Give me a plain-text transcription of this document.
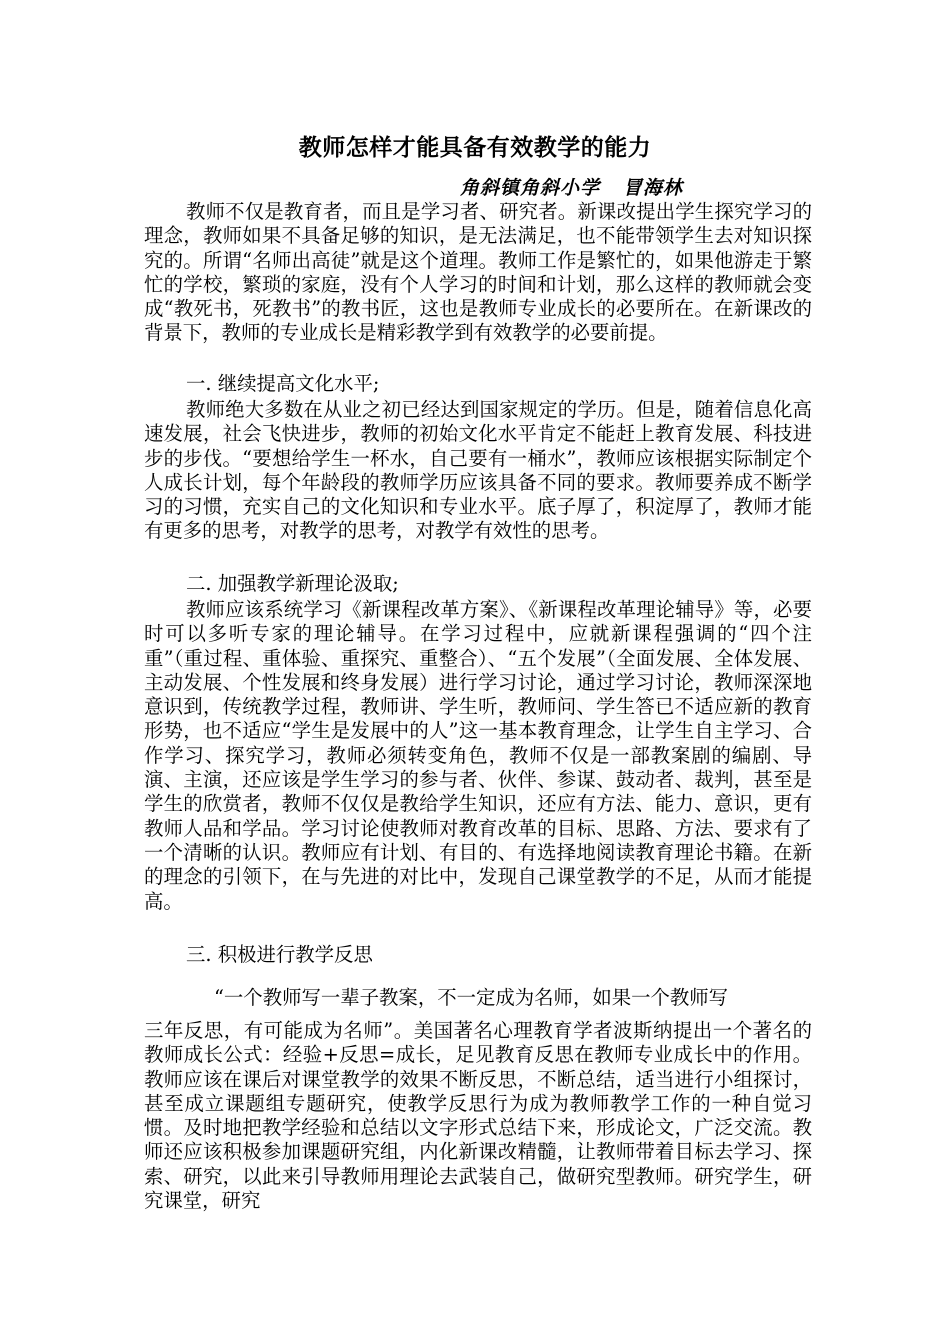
教师怎样才能具备有效教学的能力
角斜镇角斜小学   冒海林

教师不仅是教育者，而且是学习者、研究者。新课改提出学生探究学习的理念，教师如果不具备足够的知识，是无法满足，也不能带领学生去对知识探究的。所谓“名师出高徒”就是这个道理。教师工作是繁忙的，如果他游走于繁忙的学校，繁琐的家庭，没有个人学习的时间和计划，那么这样的教师就会变成“教死书，死教书”的教书匠，这也是教师专业成长的必要所在。在新课改的背景下，教师的专业成长是精彩教学到有效教学的必要前提。

一. 继续提高文化水平;

教师绝大多数在从业之初已经达到国家规定的学历。但是，随着信息化高速发展，社会飞快进步，教师的初始文化水平肯定不能赶上教育发展、科技进步的步伐。“要想给学生一杯水，自己要有一桶水”，教师应该根据实际制定个人成长计划，每个年龄段的教师学历应该具备不同的要求。教师要养成不断学习的习惯，充实自己的文化知识和专业水平。底子厚了，积淀厚了，教师才能有更多的思考，对教学的思考，对教学有效性的思考。

二. 加强教学新理论汲取;

教师应该系统学习《新课程改革方案》、《新课程改革理论辅导》等，必要时可以多听专家的理论辅导。在学习过程中，应就新课程强调的“四个注重”（重过程、重体验、重探究、重整合）、“五个发展”（全面发展、全体发展、主动发展、个性发展和终身发展）进行学习讨论，通过学习讨论，教师深深地意识到，传统教学过程，教师讲、学生听，教师问、学生答已不适应新的教育形势，也不适应“学生是发展中的人”这一基本教育理念，让学生自主学习、合作学习、探究学习，教师必须转变角色，教师不仅是一部教案剧的编剧、导演、主演，还应该是学生学习的参与者、伙伴、参谋、鼓动者、裁判，甚至是学生的欣赏者，教师不仅仅是教给学生知识，还应有方法、能力、意识，更有教师人品和学品。学习讨论使教师对教育改革的目标、思路、方法、要求有了一个清晰的认识。教师应有计划、有目的、有选择地阅读教育理论书籍。在新的理念的引领下，在与先进的对比中，发现自己课堂教学的不足，从而才能提高。

三. 积极进行教学反思

“一个教师写一辈子教案，不一定成为名师，如果一个教师写

三年反思，有可能成为名师”。美国著名心理教育学者波斯纳提出一个著名的教师成长公式：经验+反思=成长，足见教育反思在教师专业成长中的作用。教师应该在课后对课堂教学的效果不断反思，不断总结，适当进行小组探讨，甚至成立课题组专题研究，使教学反思行为成为教师教学工作的一种自觉习惯。及时地把教学经验和总结以文字形式总结下来，形成论文，广泛交流。教师还应该积极参加课题研究组，内化新课改精髓，让教师带着目标去学习、探索、研究，以此来引导教师用理论去武装自己，做研究型教师。研究学生，研究课堂，研究
